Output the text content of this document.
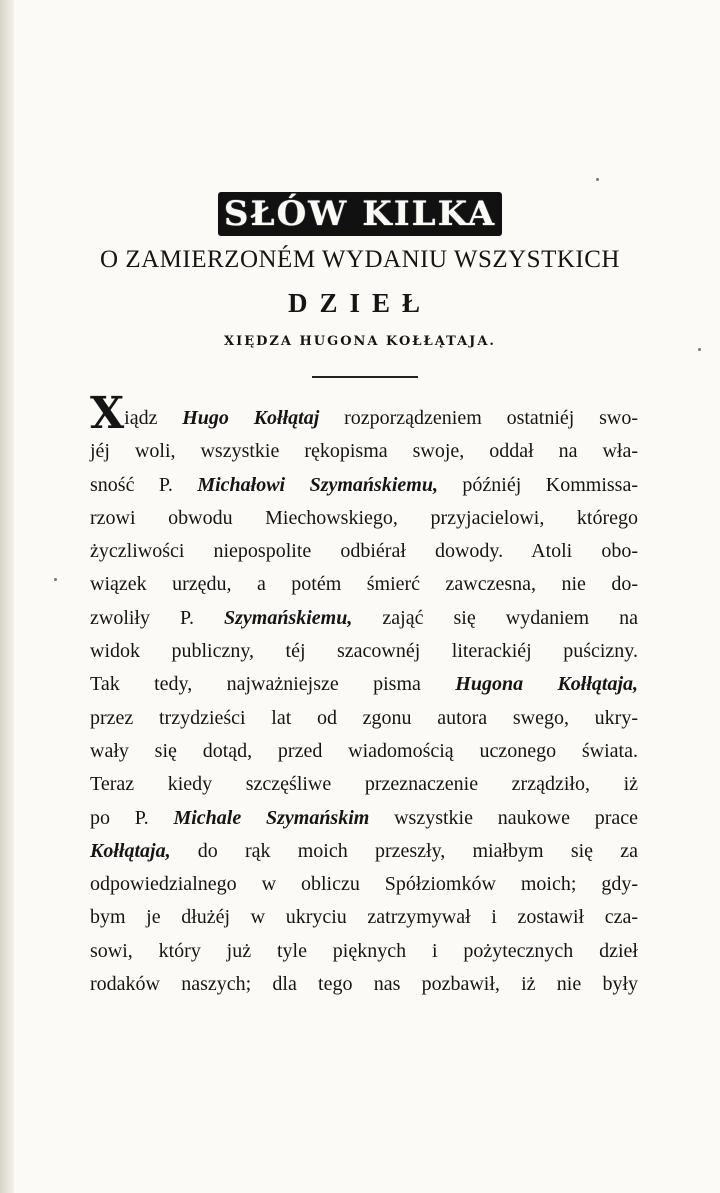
SŁÓW KILKA
O ZAMIERZONÉM WYDANIU WSZYSTKICH
DZIEŁ
XIĘDZA HUGONA KOŁŁĄTAJA.
Xiądz Hugo Kołłątaj rozporządzeniem ostatniéj swo-
jéj woli, wszystkie rękopisma swoje, oddał na wła-
sność P. Michałowi Szymańskiemu, późniéj Kommissa-
rzowi obwodu Miechowskiego, przyjacielowi, którego
życzliwości niepospolite odbiérał dowody. Atoli obo-
wiązek urzędu, a potém śmierć zawczesna, nie do-
zwoliły P. Szymańskiemu, zająć się wydaniem na
widok publiczny, téj szacownéj literackiéj puścizny.
Tak tedy, najważniejsze pisma Hugona Kołłątaja,
przez trzydzieści lat od zgonu autora swego, ukry-
wały się dotąd, przed wiadomością uczonego świata.
Teraz kiedy szczęśliwe przeznaczenie zrządziło, iż
po P. Michale Szymańskim wszystkie naukowe prace
Kołłątaja, do rąk moich przeszły, miałbym się za
odpowiedzialnego w obliczu Spółziomków moich; gdy-
bym je dłużéj w ukryciu zatrzymywał i zostawił cza-
sowi, który już tyle pięknych i pożytecznych dzieł
rodaków naszych; dla tego nas pozbawił, iż nie były
